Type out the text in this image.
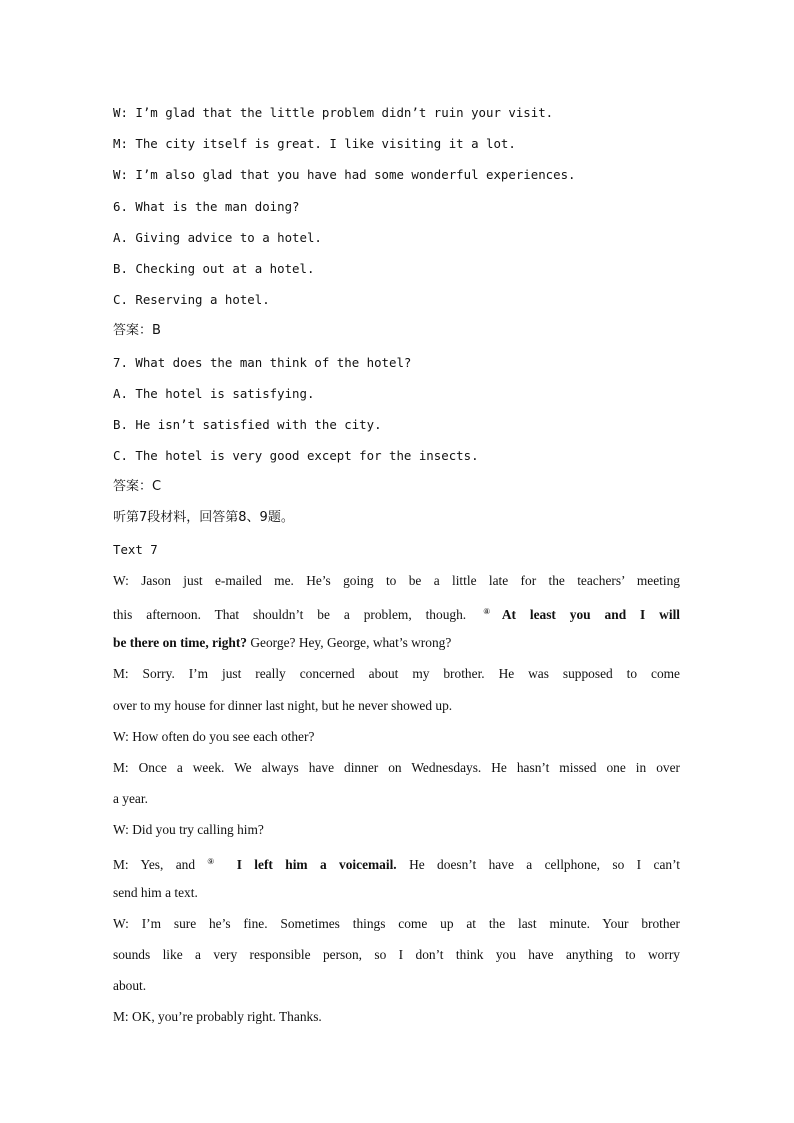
W: I’m glad that the little problem didn’t ruin your visit.
M: The city itself is great. I like visiting it a lot.
W: I’m also glad that you have had some wonderful experiences.
6. What is the man doing?
A. Giving advice to a hotel.
B. Checking out at a hotel.
C. Reserving a hotel.
答案：B
7. What does the man think of the hotel?
A. The hotel is satisfying.
B. He isn’t satisfied with the city.
C. The hotel is very good except for the insects.
答案：C
听第7段材料，回答第8、9题。
Text 7
W: Jason just e-mailed me. He’s going to be a little late for the teachers’ meeting
this afternoon. That shouldn’t be a problem, though. ⑧At least you and I will
be there on time, right? George? Hey, George, what’s wrong?
M: Sorry. I’m just really concerned about my brother. He was supposed to come
over to my house for dinner last night, but he never showed up.
W: How often do you see each other?
M: Once a week. We always have dinner on Wednesdays. He hasn’t missed one in over
a year.
W: Did you try calling him?
M: Yes, and ⑨ I left him a voicemail. He doesn’t have a cellphone, so I can’t
send him a text.
W: I’m sure he’s fine. Sometimes things come up at the last minute. Your brother
sounds like a very responsible person, so I don’t think you have anything to worry
about.
M: OK, you’re probably right. Thanks.
